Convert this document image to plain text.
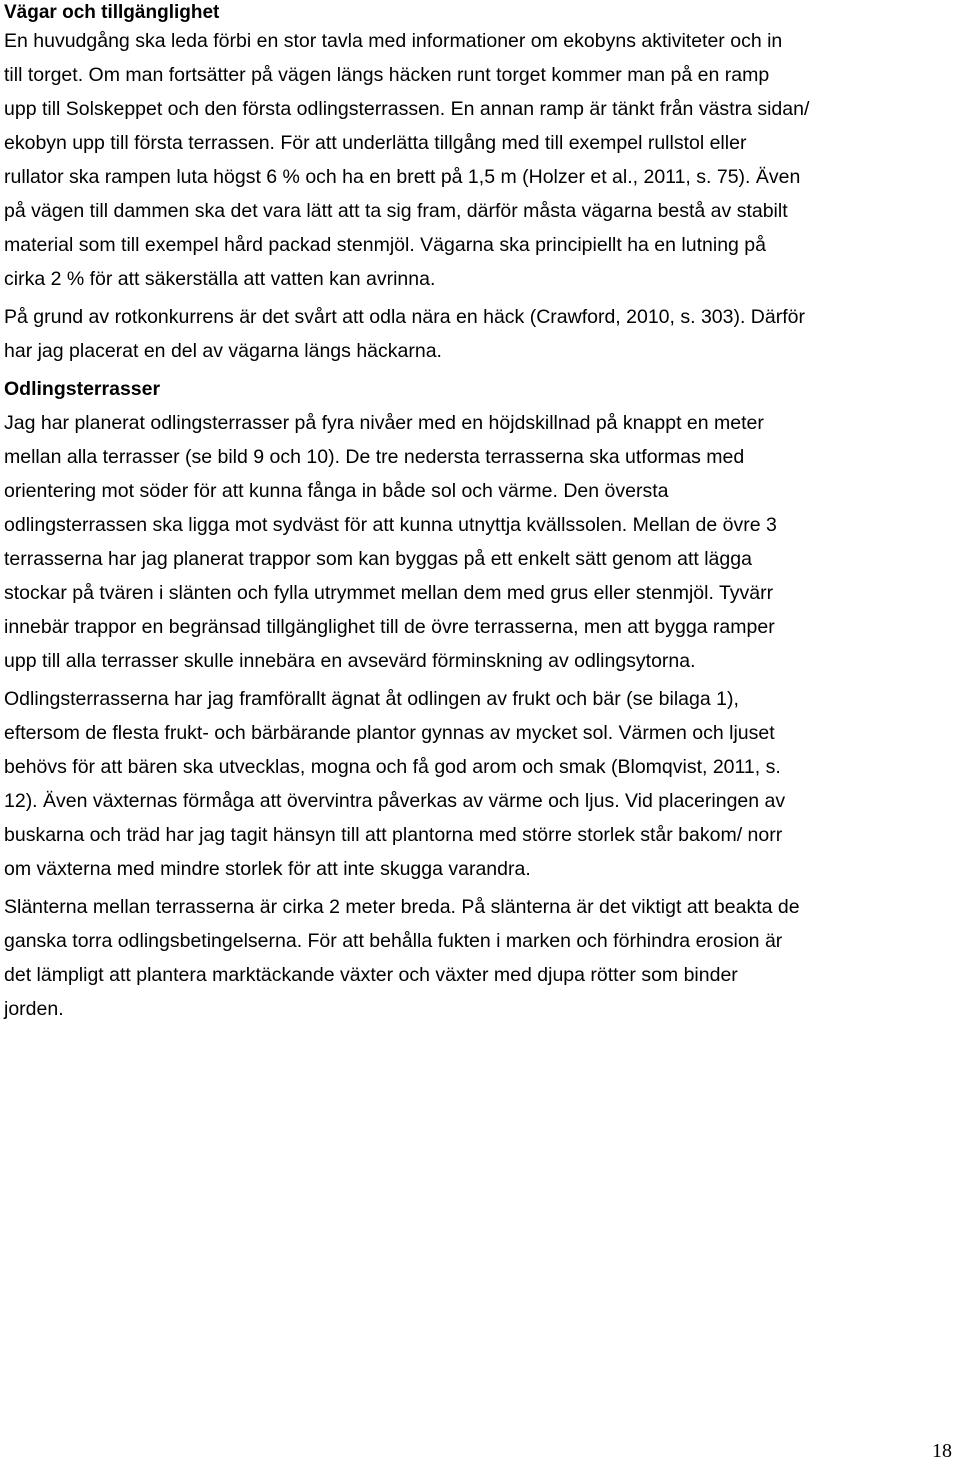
Vägar och tillgänglighet

En huvudgång ska leda förbi en stor tavla med informationer om ekobyns aktiviteter och in
till torget. Om man fortsätter på vägen längs häcken runt torget kommer man på en ramp
upp till Solskeppet och den första odlingsterrassen. En annan ramp är tänkt från västra sidan/
ekobyn upp till första terrassen. För att underlätta tillgång med till exempel rullstol eller
rullator ska rampen luta högst 6 % och ha en brett på 1,5 m (Holzer et al., 2011, s. 75). Även
på vägen till dammen ska det vara lätt att ta sig fram, därför måsta vägarna bestå av stabilt
material som till exempel hård packad stenmjöl. Vägarna ska principiellt ha en lutning på
cirka 2 % för att säkerställa att vatten kan avrinna.

På grund av rotkonkurrens är det svårt att odla nära en häck (Crawford, 2010, s. 303). Därför
har jag placerat en del av vägarna längs häckarna.

Odlingsterrasser

Jag har planerat odlingsterrasser på fyra nivåer med en höjdskillnad på knappt en meter
mellan alla terrasser (se bild 9 och 10). De tre nedersta terrasserna ska utformas med
orientering mot söder för att kunna fånga in både sol och värme. Den översta
odlingsterrassen ska ligga mot sydväst för att kunna utnyttja kvällssolen. Mellan de övre 3
terrasserna har jag planerat trappor som kan byggas på ett enkelt sätt genom att lägga
stockar på tvären i slänten och fylla utrymmet mellan dem med grus eller stenmjöl. Tyvärr
innebär trappor en begränsad tillgänglighet till de övre terrasserna, men att bygga ramper
upp till alla terrasser skulle innebära en avsevärd förminskning av odlingsytorna.

Odlingsterrasserna har jag framförallt ägnat åt odlingen av frukt och bär (se bilaga 1),
eftersom de flesta frukt- och bärbärande plantor gynnas av mycket sol. Värmen och ljuset
behövs för att bären ska utvecklas, mogna och få god arom och smak (Blomqvist, 2011, s.
12). Även växternas förmåga att övervintra påverkas av värme och ljus. Vid placeringen av
buskarna och träd har jag tagit hänsyn till att plantorna med större storlek står bakom/ norr
om växterna med mindre storlek för att inte skugga varandra.

Slänterna mellan terrasserna är cirka 2 meter breda. På slänterna är det viktigt att beakta de
ganska torra odlingsbetingelserna. För att behålla fukten i marken och förhindra erosion är
det lämpligt att plantera marktäckande växter och växter med djupa rötter som binder
jorden.

18
